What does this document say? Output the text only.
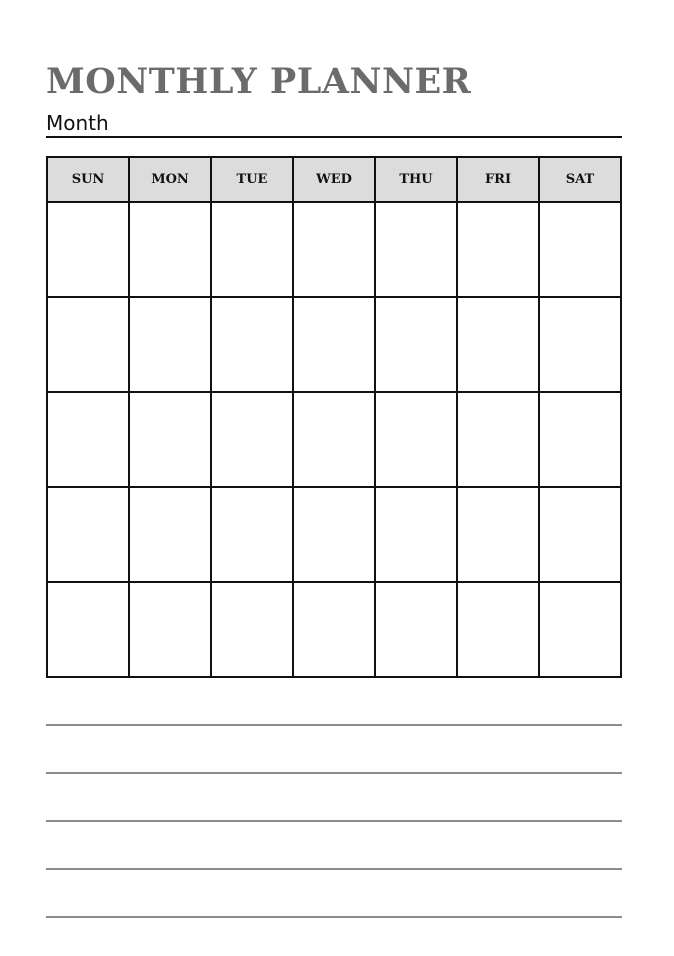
MONTHLY PLANNER
Month
SUN	MON	TUE	WED	THU	FRI	SAT
